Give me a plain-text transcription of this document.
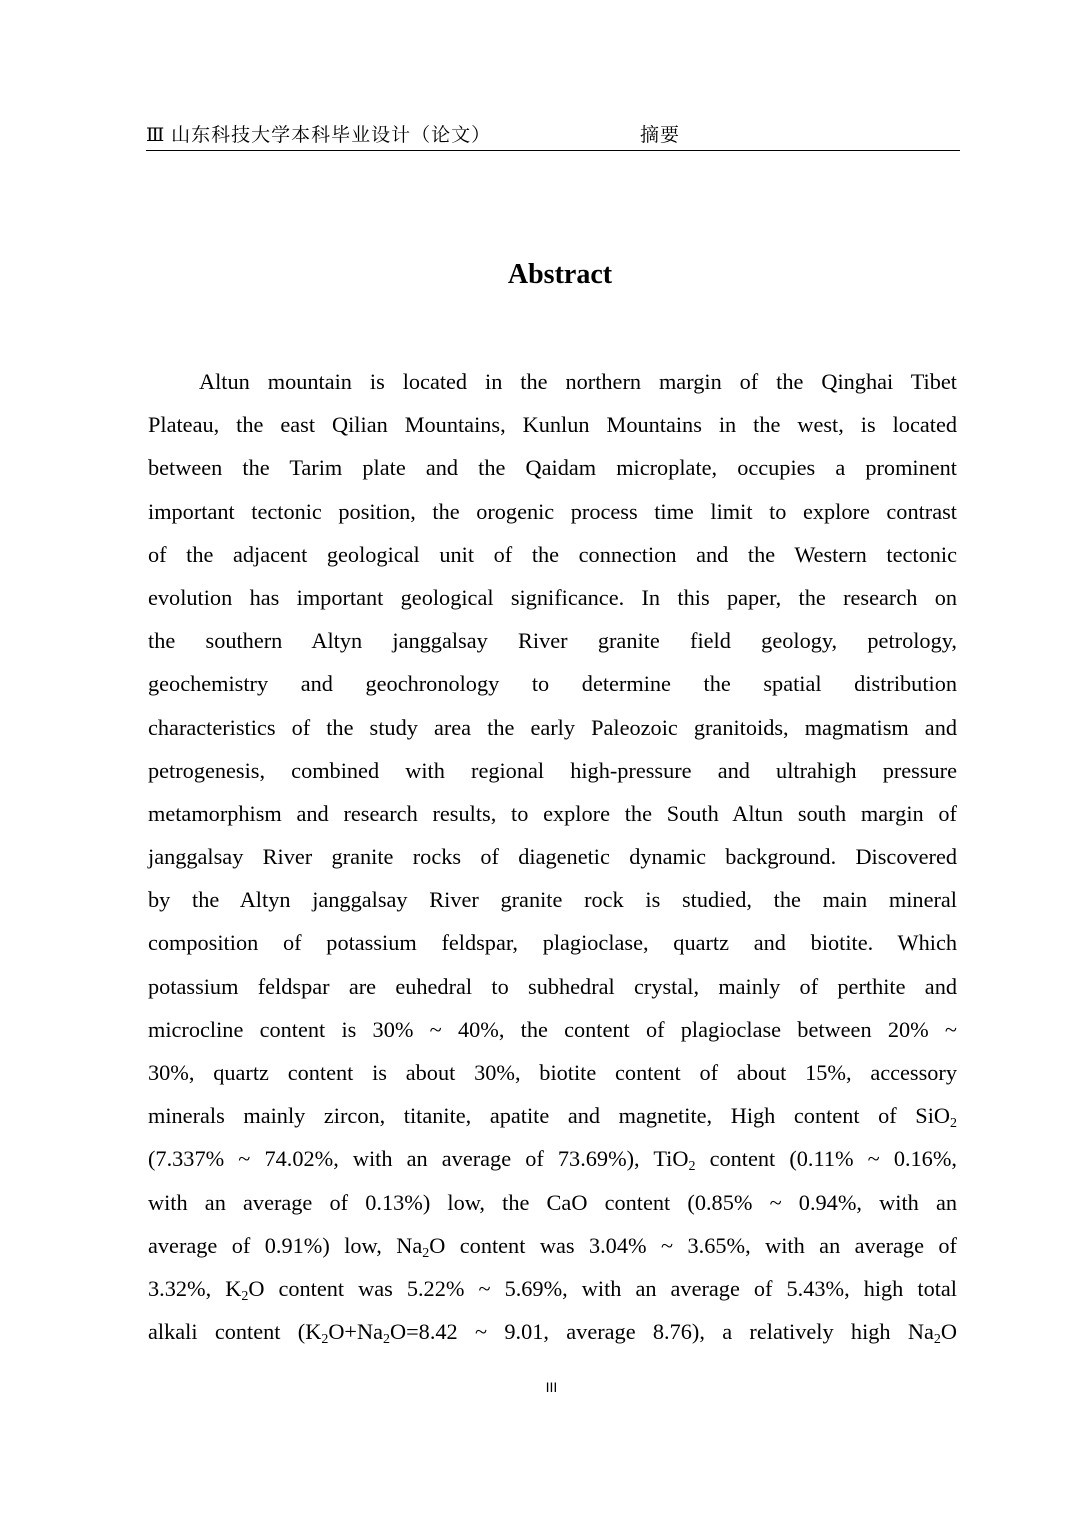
Ⅲ 山东科技大学本科毕业设计（论文）	摘要
Abstract
Altun mountain is located in the northern margin of the Qinghai Tibet
Plateau, the east Qilian Mountains, Kunlun Mountains in the west, is located
between the Tarim plate and the Qaidam microplate, occupies a prominent
important tectonic position, the orogenic process time limit to explore contrast
of the adjacent geological unit of the connection and the Western tectonic
evolution has important geological significance. In this paper, the research on
the southern Altyn janggalsay River granite field geology, petrology,
geochemistry and geochronology to determine the spatial distribution
characteristics of the study area the early Paleozoic granitoids, magmatism and
petrogenesis, combined with regional high-pressure and ultrahigh pressure
metamorphism and research results, to explore the South Altun south margin of
janggalsay River granite rocks of diagenetic dynamic background. Discovered
by the Altyn janggalsay River granite rock is studied, the main mineral
composition of potassium feldspar, plagioclase, quartz and biotite. Which
potassium feldspar are euhedral to subhedral crystal, mainly of perthite and
microcline content is 30% ~ 40%, the content of plagioclase between 20% ~
30%, quartz content is about 30%, biotite content of about 15%, accessory
minerals mainly zircon, titanite, apatite and magnetite, High content of SiO$_2$
(7.337% ~ 74.02%, with an average of 73.69%), TiO$_2$ content (0.11% ~ 0.16%,
with an average of 0.13%) low, the CaO content (0.85% ~ 0.94%, with an
average of 0.91%) low, $Na_2O$ content was 3.04% ~ 3.65%, with an average of
3.32%, $K_2O$ content was 5.22% ~ 5.69%, with an average of 5.43%, high total
alkali content ($K_2O+Na_2O=8.42$ ~ 9.01, average 8.76), a relatively high $Na_2O$
III
